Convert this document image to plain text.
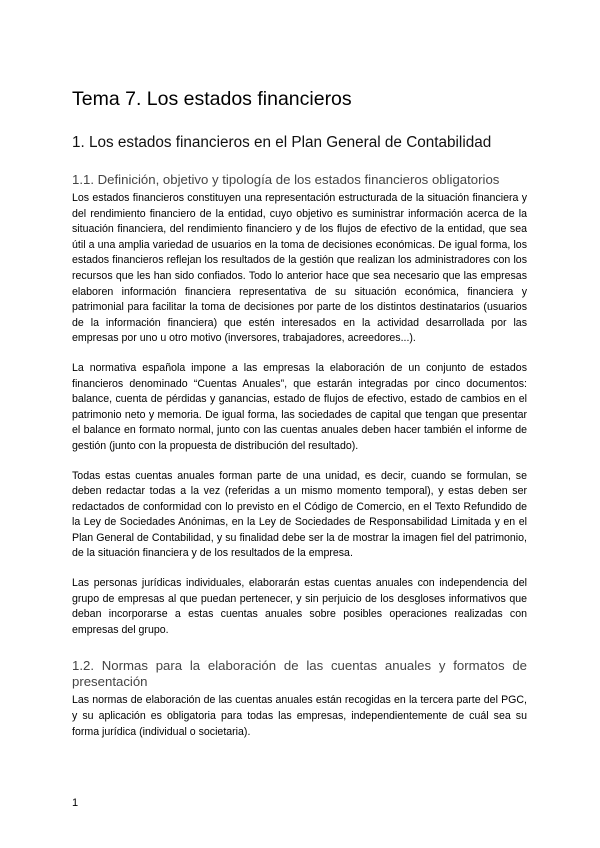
Tema 7. Los estados financieros
1. Los estados financieros en el Plan General de Contabilidad
1.1. Definición, objetivo y tipología de los estados financieros obligatorios

Los estados financieros constituyen una representación estructurada de la situación financiera y del rendimiento financiero de la entidad, cuyo objetivo es suministrar información acerca de la situación financiera, del rendimiento financiero y de los flujos de efectivo de la entidad, que sea útil a una amplia variedad de usuarios en la toma de decisiones económicas. De igual forma, los estados financieros reflejan los resultados de la gestión que realizan los administradores con los recursos que les han sido confiados. Todo lo anterior hace que sea necesario que las empresas elaboren información financiera representativa de su situación económica, financiera y patrimonial para facilitar la toma de decisiones por parte de los distintos destinatarios (usuarios de la información financiera) que estén interesados en la actividad desarrollada por las empresas por uno u otro motivo (inversores, trabajadores, acreedores...).

La normativa española impone a las empresas la elaboración de un conjunto de estados financieros denominado “Cuentas Anuales”, que estarán integradas por cinco documentos: balance, cuenta de pérdidas y ganancias, estado de flujos de efectivo, estado de cambios en el patrimonio neto y memoria. De igual forma, las sociedades de capital que tengan que presentar el balance en formato normal, junto con las cuentas anuales deben hacer también el informe de gestión (junto con la propuesta de distribución del resultado).

Todas estas cuentas anuales forman parte de una unidad, es decir, cuando se formulan, se deben redactar todas a la vez (referidas a un mismo momento temporal), y estas deben ser redactados de conformidad con lo previsto en el Código de Comercio, en el Texto Refundido de la Ley de Sociedades Anónimas, en la Ley de Sociedades de Responsabilidad Limitada y en el Plan General de Contabilidad, y su finalidad debe ser la de mostrar la imagen fiel del patrimonio, de la situación financiera y de los resultados de la empresa.

Las personas jurídicas individuales, elaborarán estas cuentas anuales con independencia del grupo de empresas al que puedan pertenecer, y sin perjuicio de los desgloses informativos que deban incorporarse a estas cuentas anuales sobre posibles operaciones realizadas con empresas del grupo.

1.2. Normas para la elaboración de las cuentas anuales y formatos de presentación

Las normas de elaboración de las cuentas anuales están recogidas en la tercera parte del PGC, y su aplicación es obligatoria para todas las empresas, independientemente de cuál sea su forma jurídica (individual o societaria).

1
